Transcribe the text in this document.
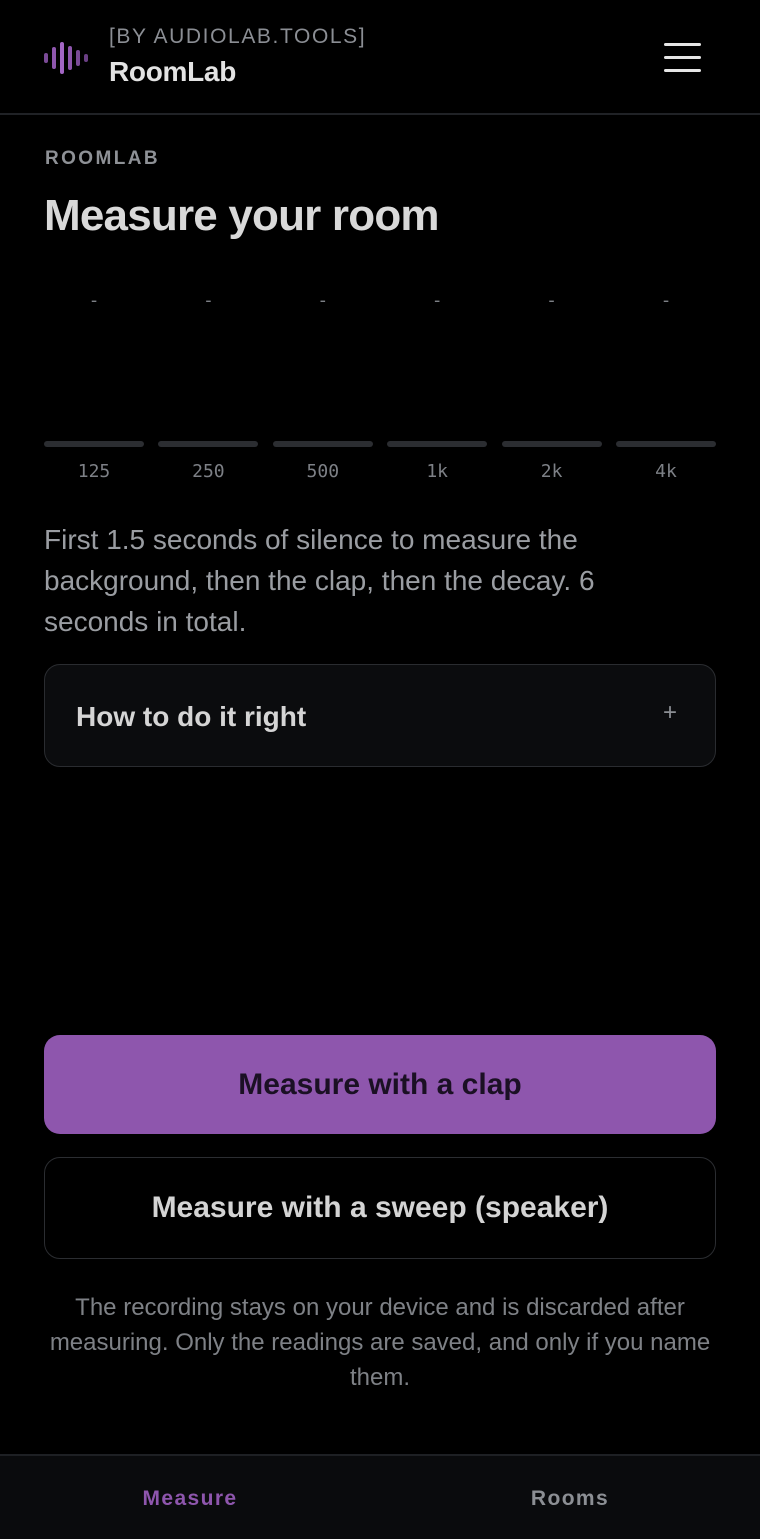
[BY AUDIOLAB.TOOLS]
RoomLab
ROOMLAB
Measure your room
-
125
-
250
-
500
-
1k
-
2k
-
4k

First 1.5 seconds of silence to measure the background, then the clap, then the decay. 6 seconds in total.

How to do it right	+
Measure with a clap
Measure with a sweep (speaker)

The recording stays on your device and is discarded after measuring. Only the readings are saved, and only if you name them.

Measure	Rooms
